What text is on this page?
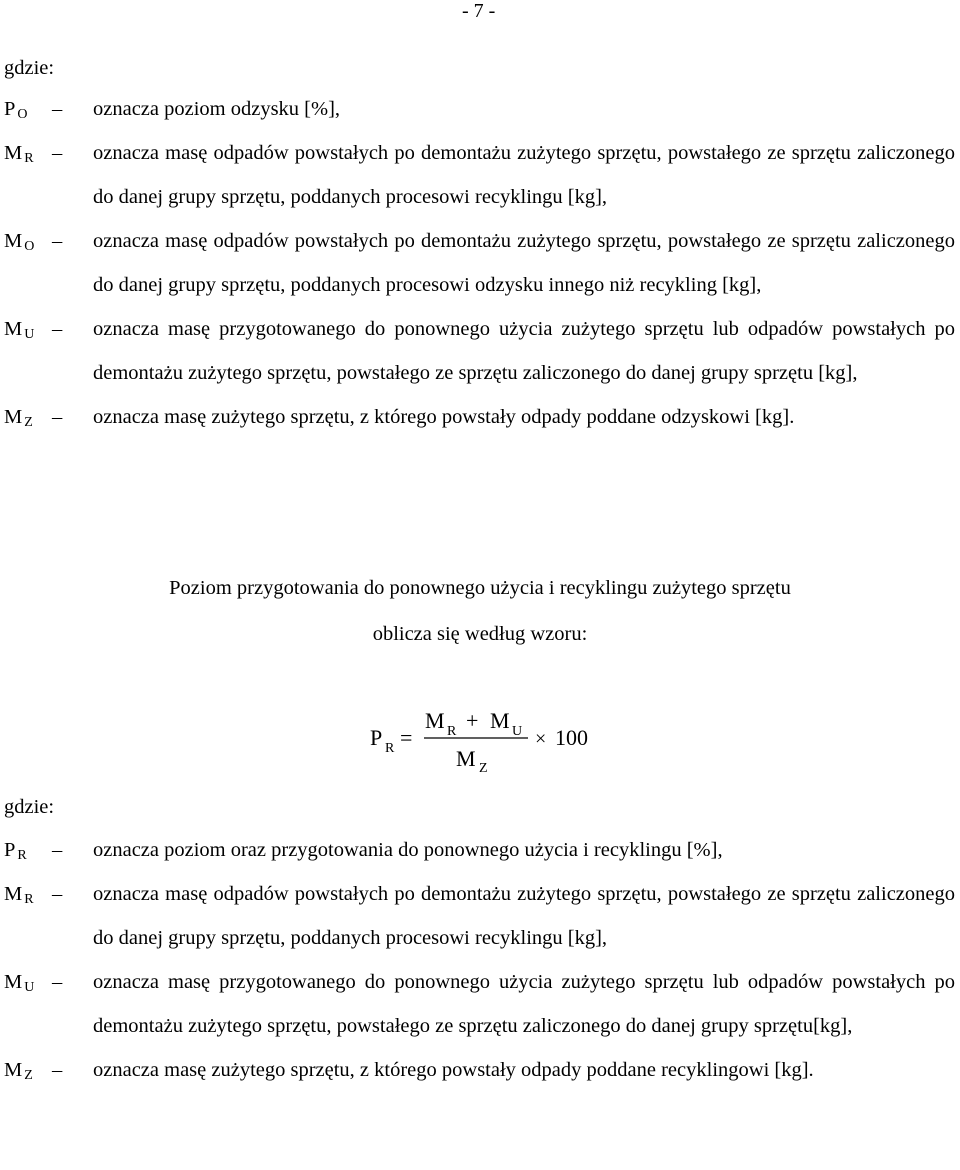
- 7 -
gdzie:
P $_O$ – oznacza poziom odzysku [%],
M $_R$ – oznacza masę odpadów powstałych po demontażu zużytego sprzętu, powstałego ze sprzętu zaliczonego do danej grupy sprzętu, poddanych procesowi recyklingu [kg],
M $_O$ – oznacza masę odpadów powstałych po demontażu zużytego sprzętu, powstałego ze sprzętu zaliczonego do danej grupy sprzętu, poddanych procesowi odzysku innego niż recykling [kg],
M $_U$ – oznacza masę przygotowanego do ponownego użycia zużytego sprzętu lub odpadów powstałych po demontażu zużytego sprzętu, powstałego ze sprzętu zaliczonego do danej grupy sprzętu [kg],
M $_Z$ – oznacza masę zużytego sprzętu, z którego powstały odpady poddane odzyskowi [kg].
Poziom przygotowania do ponownego użycia i recyklingu zużytego sprzętu
oblicza się według wzoru:
P R =
M R + M U
M Z
× 100
gdzie:
P $_R$ – oznacza poziom oraz przygotowania do ponownego użycia i recyklingu [%],
M $_R$ – oznacza masę odpadów powstałych po demontażu zużytego sprzętu, powstałego ze sprzętu zaliczonego do danej grupy sprzętu, poddanych procesowi recyklingu [kg],
M $_U$ – oznacza masę przygotowanego do ponownego użycia zużytego sprzętu lub odpadów powstałych po demontażu zużytego sprzętu, powstałego ze sprzętu zaliczonego do danej grupy sprzętu[kg],
M $_Z$ – oznacza masę zużytego sprzętu, z którego powstały odpady poddane recyklingowi [kg].
